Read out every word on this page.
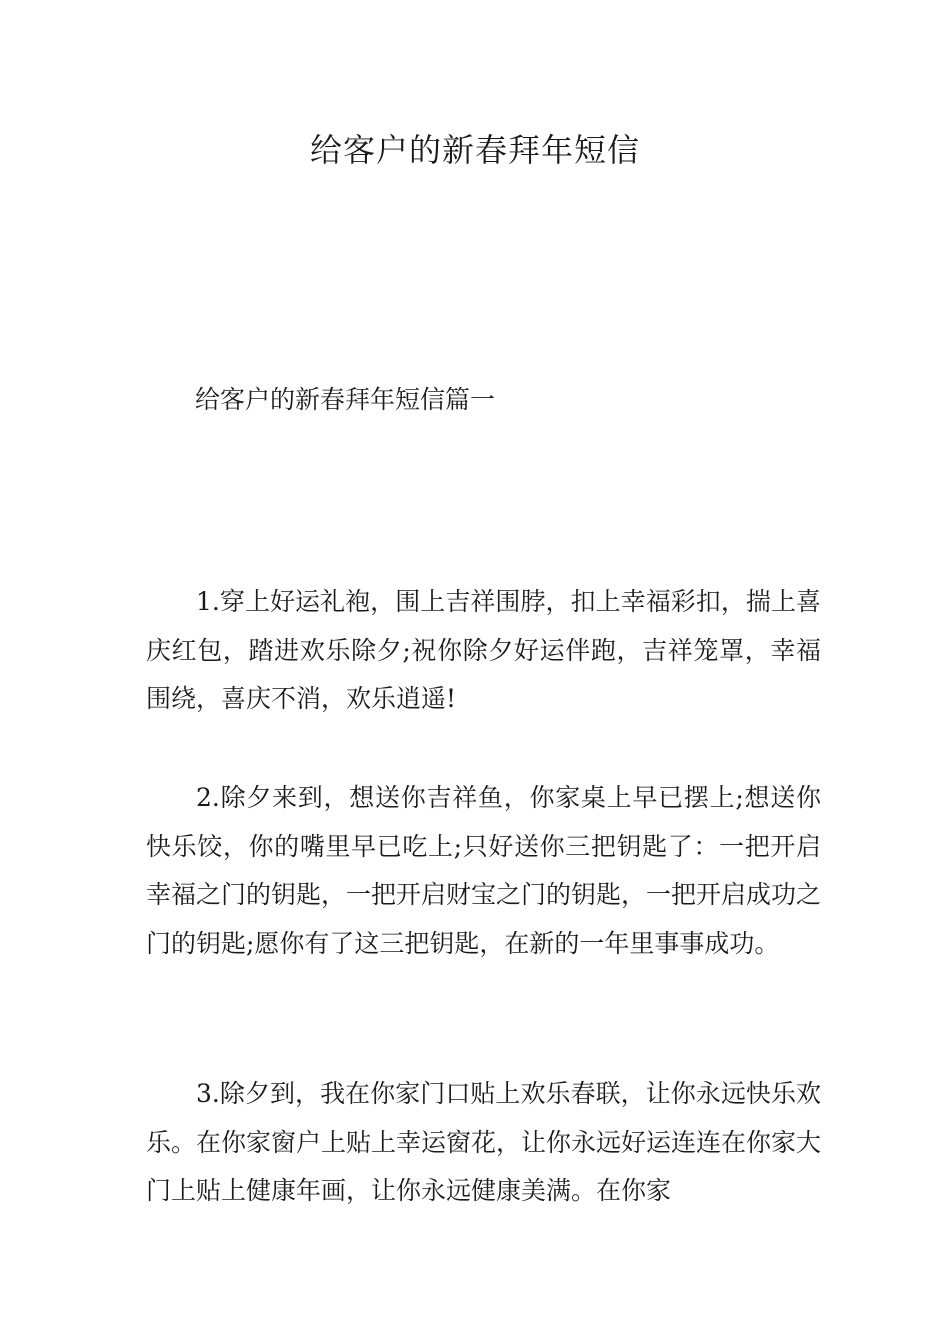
给客户的新春拜年短信
给客户的新春拜年短信篇一

1.穿上好运礼袍，围上吉祥围脖，扣上幸福彩扣，揣上喜庆红包，踏进欢乐除夕;祝你除夕好运伴跑，吉祥笼罩，幸福围绕，喜庆不消，欢乐逍遥!

2.除夕来到，想送你吉祥鱼，你家桌上早已摆上;想送你快乐饺，你的嘴里早已吃上;只好送你三把钥匙了：一把开启幸福之门的钥匙，一把开启财宝之门的钥匙，一把开启成功之门的钥匙;愿你有了这三把钥匙，在新的一年里事事成功。

3.除夕到，我在你家门口贴上欢乐春联，让你永远快乐欢乐。在你家窗户上贴上幸运窗花，让你永远好运连连在你家大门上贴上健康年画，让你永远健康美满。在你家
